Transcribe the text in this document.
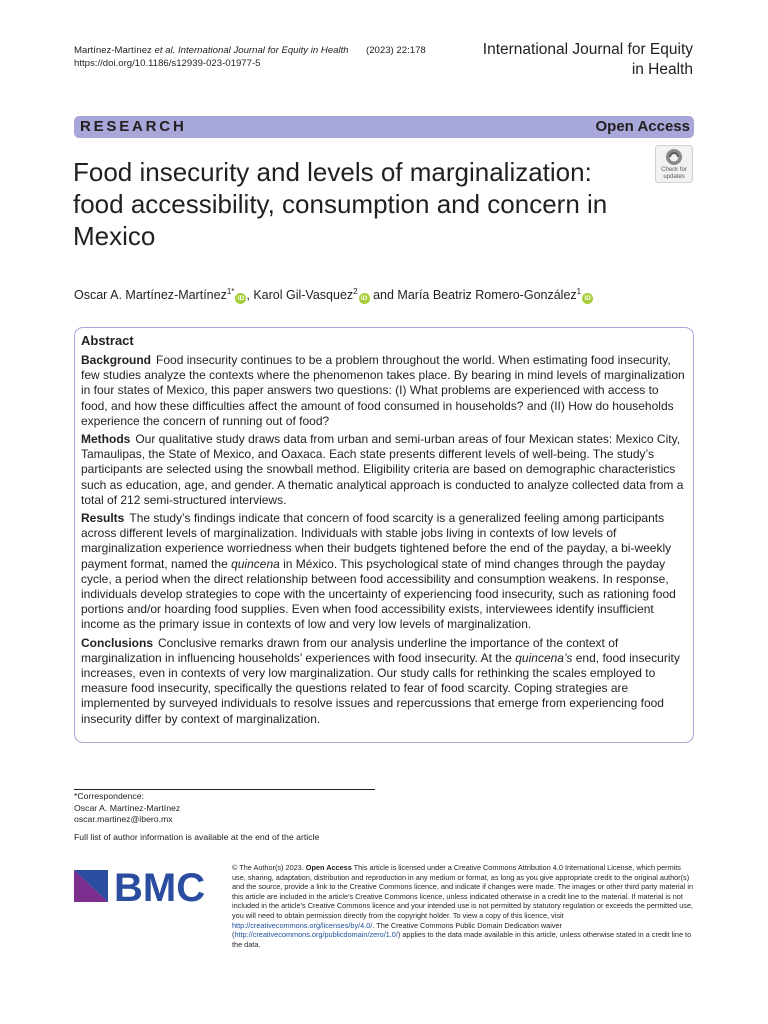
Martínez-Martínez et al. International Journal for Equity in Health
https://doi.org/10.1186/s12939-023-01977-5
(2023) 22:178	International Journal for Equity
in Health
RESEARCH	Open Access
Food insecurity and levels of marginalization: food accessibility, consumption and concern in Mexico
Check for
updates
Oscar A. Martínez-Martínez$^{1*}$iD , Karol Gil-Vasquez$^2$iD and María Beatriz Romero-González$^1$iD
Abstract

Background Food insecurity continues to be a problem throughout the world. When estimating food insecurity, few studies analyze the contexts where the phenomenon takes place. By bearing in mind levels of marginalization in four states of Mexico, this paper answers two questions: (I) What problems are experienced with access to food, and how these difficulties affect the amount of food consumed in households? and (II) How do households experience the concern of running out of food?

Methods Our qualitative study draws data from urban and semi-urban areas of four Mexican states: Mexico City, Tamaulipas, the State of Mexico, and Oaxaca. Each state presents different levels of well-being. The study’s participants are selected using the snowball method. Eligibility criteria are based on demographic characteristics such as education, age, and gender. A thematic analytical approach is conducted to analyze collected data from a total of 212 semi-structured interviews.

Results The study’s findings indicate that concern of food scarcity is a generalized feeling among participants across different levels of marginalization. Individuals with stable jobs living in contexts of low levels of marginalization experience worriedness when their budgets tightened before the end of the payday, a bi-weekly payment format, named the quincena in México. This psychological state of mind changes through the payday cycle, a period when the direct relationship between food accessibility and consumption weakens. In response, individuals develop strategies to cope with the uncertainty of experiencing food insecurity, such as rationing food portions and/or hoarding food supplies. Even when food accessibility exists, interviewees identify insufficient income as the primary issue in contexts of low and very low levels of marginalization.

Conclusions Conclusive remarks drawn from our analysis underline the importance of the context of marginalization in influencing households’ experiences with food insecurity. At the quincena’s end, food insecurity increases, even in contexts of very low marginalization. Our study calls for rethinking the scales employed to measure food insecurity, specifically the questions related to fear of food scarcity. Coping strategies are implemented by surveyed individuals to resolve issues and repercussions that emerge from experiencing food insecurity differ by context of marginalization.

*Correspondence:
Oscar A. Martínez-Martínez
oscar.martinez@ibero.mx
Full list of author information is available at the end of the article
BMC	© The Author(s) 2023. Open Access This article is licensed under a Creative Commons Attribution 4.0 International License, which permits use, sharing, adaptation, distribution and reproduction in any medium or format, as long as you give appropriate credit to the original author(s) and the source, provide a link to the Creative Commons licence, and indicate if changes were made. The images or other third party material in this article are included in the article’s Creative Commons licence, unless indicated otherwise in a credit line to the material. If material is not included in the article’s Creative Commons licence and your intended use is not permitted by statutory regulation or exceeds the permitted use, you will need to obtain permission directly from the copyright holder. To view a copy of this licence, visit http://creativecommons.org/licenses/by/4.0/. The Creative Commons Public Domain Dedication waiver (http://creativecommons.org/publicdomain/zero/1.0/) applies to the data made available in this article, unless otherwise stated in a credit line to the data.
